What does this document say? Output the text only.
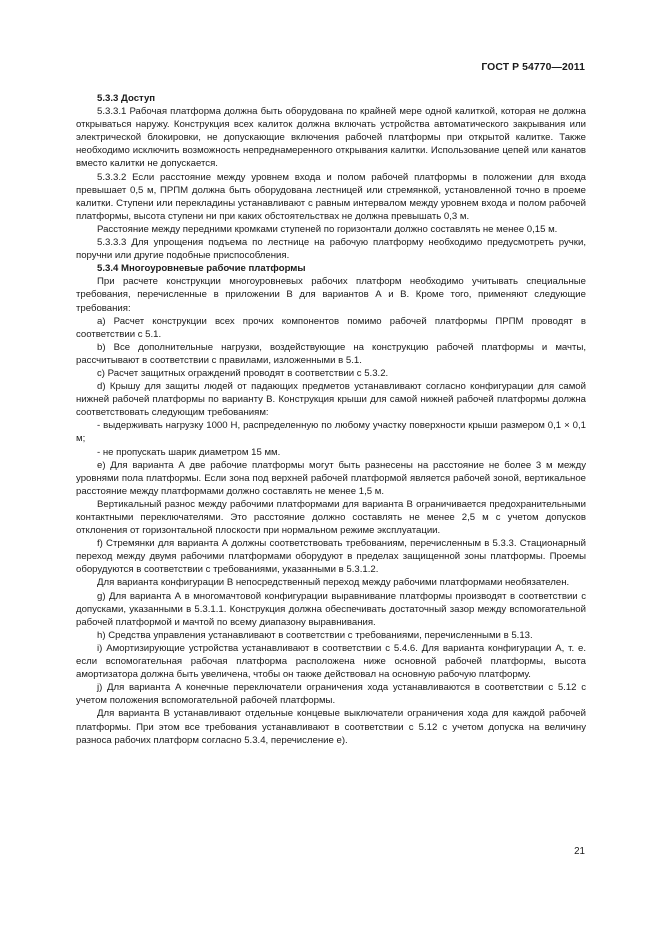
ГОСТ Р 54770—2011

5.3.3 Доступ

5.3.3.1 Рабочая платформа должна быть оборудована по крайней мере одной калиткой, которая не должна открываться наружу. Конструкция всех калиток должна включать устройства автоматического закрывания или электрической блокировки, не допускающие включения рабочей платформы при открытой калитке. Также необходимо исключить возможность непреднамеренного открывания калитки. Использование цепей или канатов вместо калитки не допускается.

5.3.3.2 Если расстояние между уровнем входа и полом рабочей платформы в положении для входа превышает 0,5 м, ПРПМ должна быть оборудована лестницей или стремянкой, установленной точно в проеме калитки. Ступени или перекладины устанавливают с равным интервалом между уровнем входа и полом рабочей платформы, высота ступени ни при каких обстоятельствах не должна превышать 0,3 м.

Расстояние между передними кромками ступеней по горизонтали должно составлять не менее 0,15 м.

5.3.3.3 Для упрощения подъема по лестнице на рабочую платформу необходимо предусмотреть ручки, поручни или другие подобные приспособления.

5.3.4 Многоуровневые рабочие платформы

При расчете конструкции многоуровневых рабочих платформ необходимо учитывать специальные требования, перечисленные в приложении В для вариантов А и В. Кроме того, применяют следующие требования:

a) Расчет конструкции всех прочих компонентов помимо рабочей платформы ПРПМ проводят в соответствии с 5.1.

b) Все дополнительные нагрузки, воздействующие на конструкцию рабочей платформы и мачты, рассчитывают в соответствии с правилами, изложенными в 5.1.

c) Расчет защитных ограждений проводят в соответствии с 5.3.2.

d) Крышу для защиты людей от падающих предметов устанавливают согласно конфигурации для самой нижней рабочей платформы по варианту В. Конструкция крыши для самой нижней рабочей платформы должна соответствовать следующим требованиям:

- выдерживать нагрузку 1000 Н, распределенную по любому участку поверхности крыши размером 0,1 × 0,1 м;

- не пропускать шарик диаметром 15 мм.

e) Для варианта А две рабочие платформы могут быть разнесены на расстояние не более 3 м между уровнями пола платформы. Если зона под верхней рабочей платформой является рабочей зоной, вертикальное расстояние между платформами должно составлять не менее 1,5 м.

Вертикальный разнос между рабочими платформами для варианта В ограничивается предохранительными контактными переключателями. Это расстояние должно составлять не менее 2,5 м с учетом допусков отклонения от горизонтальной плоскости при нормальном режиме эксплуатации.

f) Стремянки для варианта А должны соответствовать требованиям, перечисленным в 5.3.3. Стационарный переход между двумя рабочими платформами оборудуют в пределах защищенной зоны платформы. Проемы оборудуются в соответствии с требованиями, указанными в 5.3.1.2.

Для варианта конфигурации В непосредственный переход между рабочими платформами необязателен.

g) Для варианта А в многомачтовой конфигурации выравнивание платформы производят в соответствии с допусками, указанными в 5.3.1.1. Конструкция должна обеспечивать достаточный зазор между вспомогательной рабочей платформой и мачтой по всему диапазону выравнивания.

h) Средства управления устанавливают в соответствии с требованиями, перечисленными в 5.13.

i) Амортизирующие устройства устанавливают в соответствии с 5.4.6. Для варианта конфигурации А, т. е. если вспомогательная рабочая платформа расположена ниже основной рабочей платформы, высота амортизатора должна быть увеличена, чтобы он также действовал на основную рабочую платформу.

j) Для варианта А конечные переключатели ограничения хода устанавливаются в соответствии с 5.12 с учетом положения вспомогательной рабочей платформы.

Для варианта В устанавливают отдельные концевые выключатели ограничения хода для каждой рабочей платформы. При этом все требования устанавливают в соответствии с 5.12 с учетом допуска на величину разноса рабочих платформ согласно 5.3.4, перечисление е).

21
